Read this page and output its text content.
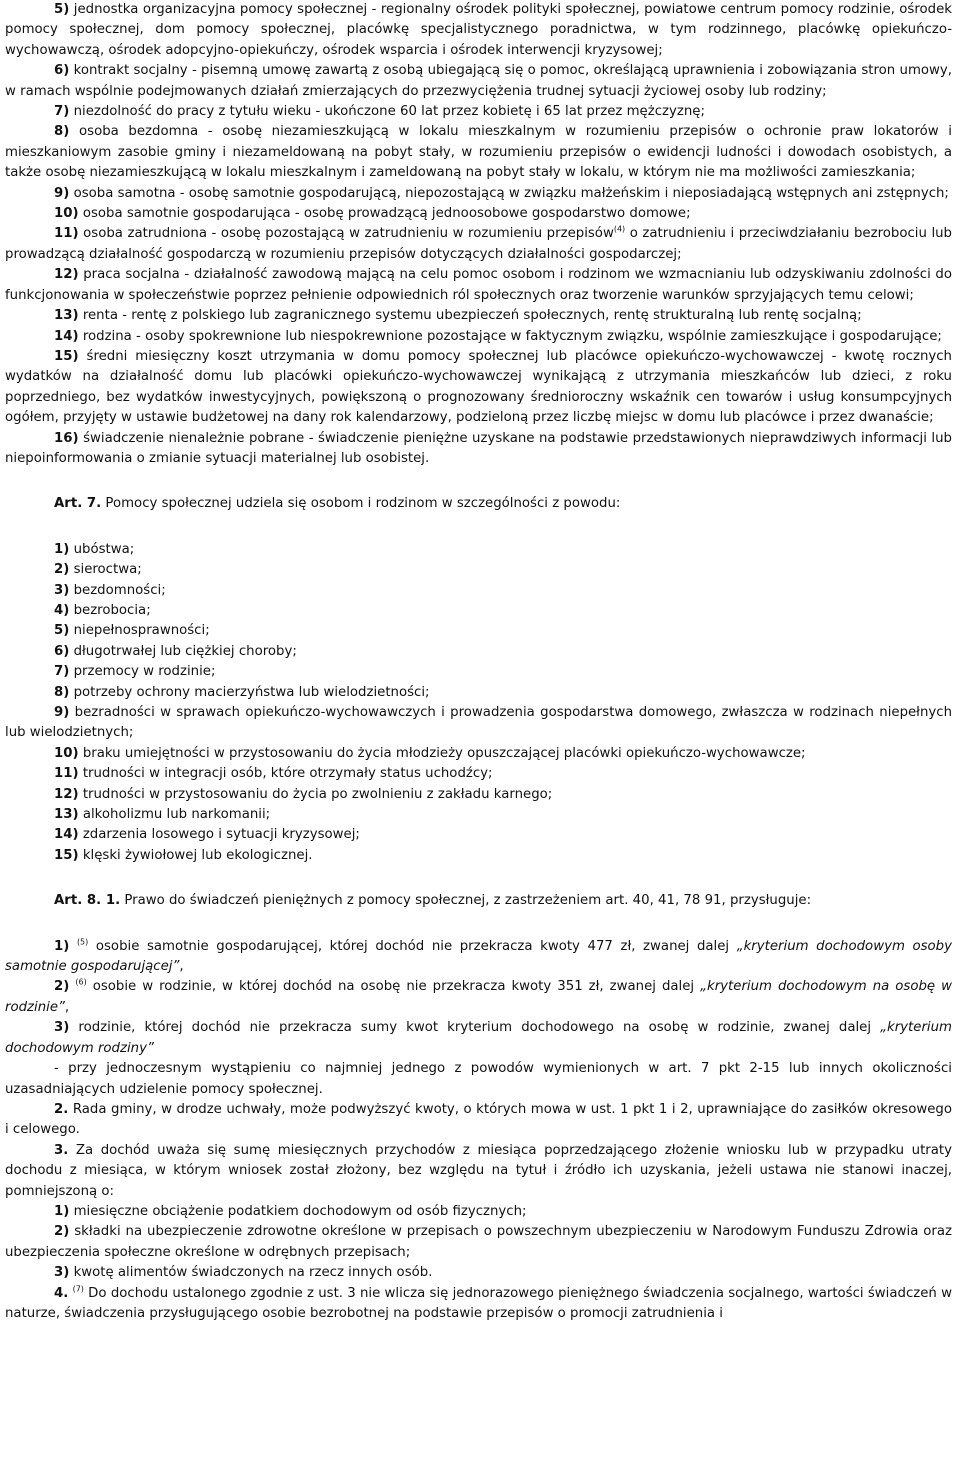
5) jednostka organizacyjna pomocy społecznej - regionalny ośrodek polityki społecznej, powiatowe centrum pomocy rodzinie, ośrodek pomocy społecznej, dom pomocy społecznej, placówkę specjalistycznego poradnictwa, w tym rodzinnego, placówkę opiekuńczo-wychowawczą, ośrodek adopcyjno-opiekuńczy, ośrodek wsparcia i ośrodek interwencji kryzysowej;

6) kontrakt socjalny - pisemną umowę zawartą z osobą ubiegającą się o pomoc, określającą uprawnienia i zobowiązania stron umowy, w ramach wspólnie podejmowanych działań zmierzających do przezwyciężenia trudnej sytuacji życiowej osoby lub rodziny;

7) niezdolność do pracy z tytułu wieku - ukończone 60 lat przez kobietę i 65 lat przez mężczyznę;

8) osoba bezdomna - osobę niezamieszkującą w lokalu mieszkalnym w rozumieniu przepisów o ochronie praw lokatorów i mieszkaniowym zasobie gminy i niezameldowaną na pobyt stały, w rozumieniu przepisów o ewidencji ludności i dowodach osobistych, a także osobę niezamieszkującą w lokalu mieszkalnym i zameldowaną na pobyt stały w lokalu, w którym nie ma możliwości zamieszkania;

9) osoba samotna - osobę samotnie gospodarującą, niepozostającą w związku małżeńskim i nieposiadającą wstępnych ani zstępnych;

10) osoba samotnie gospodarująca - osobę prowadzącą jednoosobowe gospodarstwo domowe;

11) osoba zatrudniona - osobę pozostającą w zatrudnieniu w rozumieniu przepisów$^{(4)}$ o zatrudnieniu i przeciwdziałaniu bezrobociu lub prowadzącą działalność gospodarczą w rozumieniu przepisów dotyczących działalności gospodarczej;

12) praca socjalna - działalność zawodową mającą na celu pomoc osobom i rodzinom we wzmacnianiu lub odzyskiwaniu zdolności do funkcjonowania w społeczeństwie poprzez pełnienie odpowiednich ról społecznych oraz tworzenie warunków sprzyjających temu celowi;

13) renta - rentę z polskiego lub zagranicznego systemu ubezpieczeń społecznych, rentę strukturalną lub rentę socjalną;

14) rodzina - osoby spokrewnione lub niespokrewnione pozostające w faktycznym związku, wspólnie zamieszkujące i gospodarujące;

15) średni miesięczny koszt utrzymania w domu pomocy społecznej lub placówce opiekuńczo-wychowawczej - kwotę rocznych wydatków na działalność domu lub placówki opiekuńczo-wychowawczej wynikającą z utrzymania mieszkańców lub dzieci, z roku poprzedniego, bez wydatków inwestycyjnych, powiększoną o prognozowany średnioroczny wskaźnik cen towarów i usług konsumpcyjnych ogółem, przyjęty w ustawie budżetowej na dany rok kalendarzowy, podzieloną przez liczbę miejsc w domu lub placówce i przez dwanaście;

16) świadczenie nienależnie pobrane - świadczenie pieniężne uzyskane na podstawie przedstawionych nieprawdziwych informacji lub niepoinformowania o zmianie sytuacji materialnej lub osobistej.

Art. 7. Pomocy społecznej udziela się osobom i rodzinom w szczególności z powodu:

1) ubóstwa;

2) sieroctwa;

3) bezdomności;

4) bezrobocia;

5) niepełnosprawności;

6) długotrwałej lub ciężkiej choroby;

7) przemocy w rodzinie;

8) potrzeby ochrony macierzyństwa lub wielodzietności;

9) bezradności w sprawach opiekuńczo-wychowawczych i prowadzenia gospodarstwa domowego, zwłaszcza w rodzinach niepełnych lub wielodzietnych;

10) braku umiejętności w przystosowaniu do życia młodzieży opuszczającej placówki opiekuńczo-wychowawcze;

11) trudności w integracji osób, które otrzymały status uchodźcy;

12) trudności w przystosowaniu do życia po zwolnieniu z zakładu karnego;

13) alkoholizmu lub narkomanii;

14) zdarzenia losowego i sytuacji kryzysowej;

15) klęski żywiołowej lub ekologicznej.

Art. 8. 1. Prawo do świadczeń pieniężnych z pomocy społecznej, z zastrzeżeniem art. 40, 41, 78 91, przysługuje:

1) $^{(5)}$ osobie samotnie gospodarującej, której dochód nie przekracza kwoty 477 zł, zwanej dalej „kryterium dochodowym osoby samotnie gospodarującej”,

2) $^{(6)}$ osobie w rodzinie, w której dochód na osobę nie przekracza kwoty 351 zł, zwanej dalej „kryterium dochodowym na osobę w rodzinie”,

3) rodzinie, której dochód nie przekracza sumy kwot kryterium dochodowego na osobę w rodzinie, zwanej dalej „kryterium dochodowym rodziny”

- przy jednoczesnym wystąpieniu co najmniej jednego z powodów wymienionych w art. 7 pkt 2-15 lub innych okoliczności uzasadniających udzielenie pomocy społecznej.

2. Rada gminy, w drodze uchwały, może podwyższyć kwoty, o których mowa w ust. 1 pkt 1 i 2, uprawniające do zasiłków okresowego i celowego.

3. Za dochód uważa się sumę miesięcznych przychodów z miesiąca poprzedzającego złożenie wniosku lub w przypadku utraty dochodu z miesiąca, w którym wniosek został złożony, bez względu na tytuł i źródło ich uzyskania, jeżeli ustawa nie stanowi inaczej, pomniejszoną o:

1) miesięczne obciążenie podatkiem dochodowym od osób fizycznych;

2) składki na ubezpieczenie zdrowotne określone w przepisach o powszechnym ubezpieczeniu w Narodowym Funduszu Zdrowia oraz ubezpieczenia społeczne określone w odrębnych przepisach;

3) kwotę alimentów świadczonych na rzecz innych osób.

4. $^{(7)}$ Do dochodu ustalonego zgodnie z ust. 3 nie wlicza się jednorazowego pieniężnego świadczenia socjalnego, wartości świadczeń w naturze, świadczenia przysługującego osobie bezrobotnej na podstawie przepisów o promocji zatrudnienia i
